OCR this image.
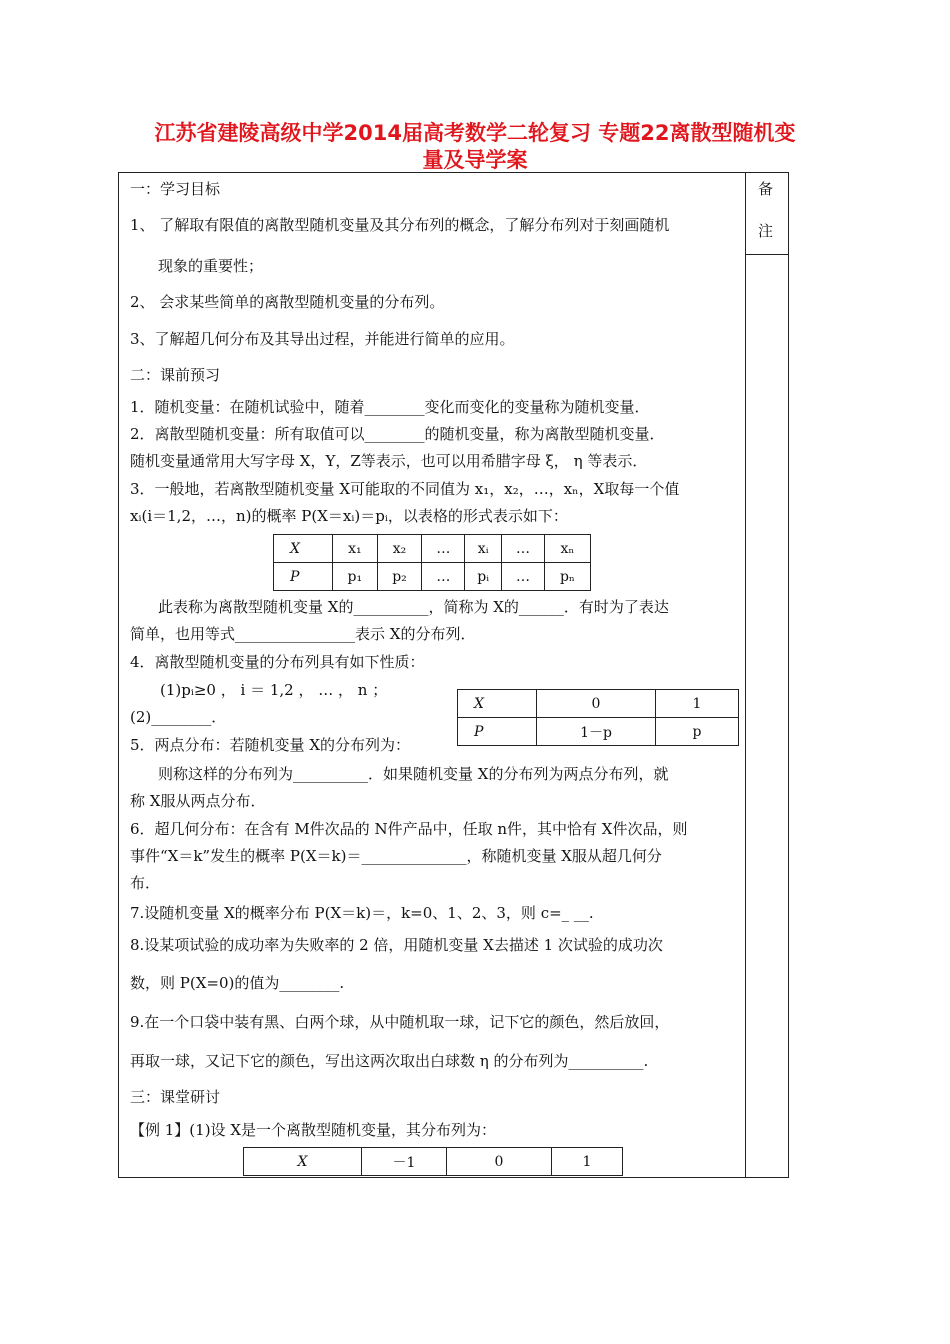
江苏省建陵高级中学2014届高考数学二轮复习 专题22离散型随机变
量及导学案
备
注
一：学习目标
1、 了解取有限值的离散型随机变量及其分布列的概念，了解分布列对于刻画随机
现象的重要性；
2、 会求某些简单的离散型随机变量的分布列。
3、了解超几何分布及其导出过程，并能进行简单的应用。
二：课前预习
1．随机变量：在随机试验中，随着________变化而变化的变量称为随机变量．
2．离散型随机变量：所有取值可以________的随机变量，称为离散型随机变量．
随机变量通常用大写字母 X，Y，Z等表示，也可以用希腊字母 ξ， η 等表示．
3．一般地，若离散型随机变量 X可能取的不同值为 x₁，x₂，…，xₙ，X取每一个值
xᵢ(i＝1,2，…，n)的概率 P(X＝xᵢ)＝pᵢ，以表格的形式表示如下：
X	x₁	x₂	…	xᵢ	…	xₙ
P	p₁	p₂	…	pᵢ	…	pₙ
此表称为离散型随机变量 X的__________，简称为 X的______．有时为了表达
简单，也用等式________________表示 X的分布列．
4．离散型随机变量的分布列具有如下性质：
(1)pᵢ≥0 ， i ＝ 1,2 ， … ， n ；
(2)________．
X	0	1
P	1－p	p
5．两点分布：若随机变量 X的分布列为：
则称这样的分布列为__________．如果随机变量 X的分布列为两点分布列，就
称 X服从两点分布．
6．超几何分布：在含有 M件次品的 N件产品中，任取 n件，其中恰有 X件次品，则
事件“X＝k”发生的概率 P(X＝k)＝______________，称随机变量 X服从超几何分
布．
7.设随机变量 X的概率分布 P(X＝k)＝，k=0、1、2、3，则 c=_ __.
8.设某项试验的成功率为失败率的 2 倍，用随机变量 X去描述 1 次试验的成功次
数，则 P(X=0)的值为________.
9.在一个口袋中装有黑、白两个球，从中随机取一球，记下它的颜色，然后放回，
再取一球，又记下它的颜色，写出这两次取出白球数 η 的分布列为__________.
三：课堂研讨
【例 1】(1)设 X是一个离散型随机变量，其分布列为：
X	－1	0	1
